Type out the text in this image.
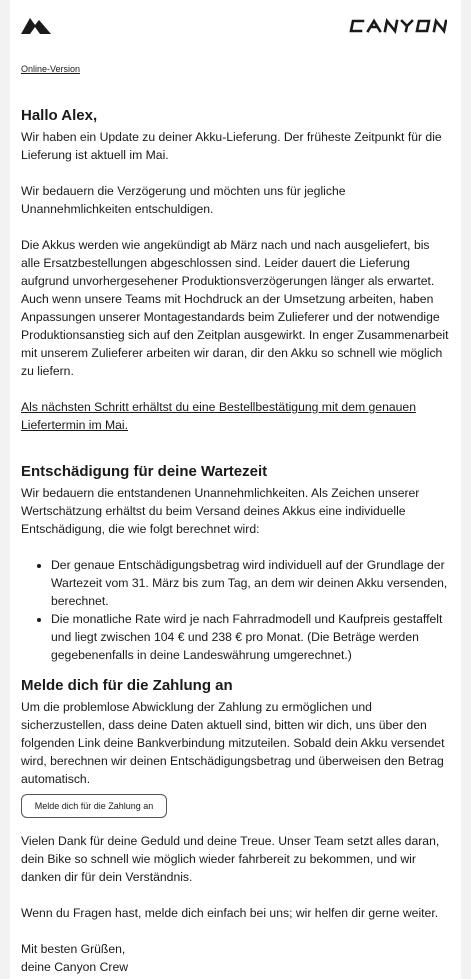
Online-Version
Hallo Alex,

Wir haben ein Update zu deiner Akku-Lieferung. Der früheste Zeitpunkt für die Lieferung ist aktuell im Mai.

Wir bedauern die Verzögerung und möchten uns für jegliche Unannehmlichkeiten entschuldigen.

Die Akkus werden wie angekündigt ab März nach und nach ausgeliefert, bis alle Ersatzbestellungen abgeschlossen sind. Leider dauert die Lieferung aufgrund unvorhergesehener Produktionsverzögerungen länger als erwartet. Auch wenn unsere Teams mit Hochdruck an der Umsetzung arbeiten, haben Anpassungen unserer Montagestandards beim Zulieferer und der notwendige Produktionsanstieg sich auf den Zeitplan ausgewirkt. In enger Zusammenarbeit mit unserem Zulieferer arbeiten wir daran, dir den Akku so schnell wie möglich zu liefern.

Als nächsten Schritt erhältst du eine Bestellbestätigung mit dem genauen Liefertermin im Mai.

Entschädigung für deine Wartezeit

Wir bedauern die entstandenen Unannehmlichkeiten. Als Zeichen unserer Wertschätzung erhältst du beim Versand deines Akkus eine individuelle Entschädigung, die wie folgt berechnet wird:

• Der genaue Entschädigungsbetrag wird individuell auf der Grundlage der Wartezeit vom 31. März bis zum Tag, an dem wir deinen Akku versenden, berechnet.
• Die monatliche Rate wird je nach Fahrradmodell und Kaufpreis gestaffelt und liegt zwischen 104 € und 238 € pro Monat. (Die Beträge werden gegebenenfalls in deine Landeswährung umgerechnet.)
Melde dich für die Zahlung an

Um die problemlose Abwicklung der Zahlung zu ermöglichen und sicherzustellen, dass deine Daten aktuell sind, bitten wir dich, uns über den folgenden Link deine Bankverbindung mitzuteilen. Sobald dein Akku versendet wird, berechnen wir deinen Entschädigungsbetrag und überweisen den Betrag automatisch.

Melde dich für die Zahlung an

Vielen Dank für deine Geduld und deine Treue. Unser Team setzt alles daran, dein Bike so schnell wie möglich wieder fahrbereit zu bekommen, und wir danken dir für dein Verständnis.

Wenn du Fragen hast, melde dich einfach bei uns; wir helfen dir gerne weiter.

Mit besten Grüßen,
deine Canyon Crew
